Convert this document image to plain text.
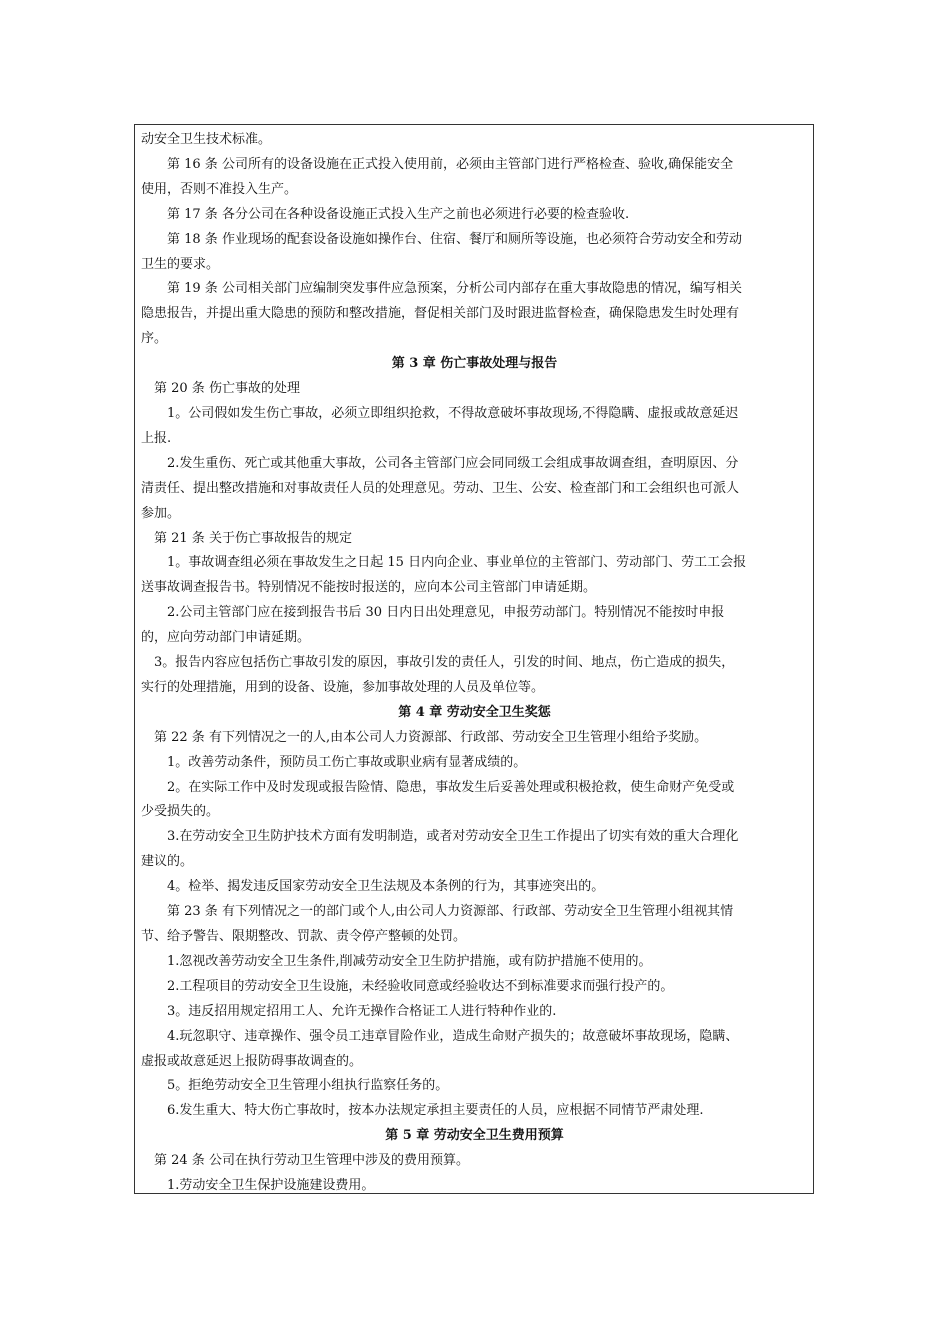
动安全卫生技术标准。
第 16 条 公司所有的设备设施在正式投入使用前，必须由主管部门进行严格检查、验收,确保能安全
使用，否则不准投入生产。
第 17 条 各分公司在各种设备设施正式投入生产之前也必须进行必要的检查验收.
第 18 条 作业现场的配套设备设施如操作台、住宿、餐厅和厕所等设施，也必须符合劳动安全和劳动
卫生的要求。
第 19 条 公司相关部门应编制突发事件应急预案，分析公司内部存在重大事故隐患的情况，编写相关
隐患报告，并提出重大隐患的预防和整改措施，督促相关部门及时跟进监督检查，确保隐患发生时处理有
序。
第 3 章 伤亡事故处理与报告
第 20 条 伤亡事故的处理
1。公司假如发生伤亡事故，必须立即组织抢救，不得故意破坏事故现场,不得隐瞒、虚报或故意延迟
上报.
2.发生重伤、死亡或其他重大事故，公司各主管部门应会同同级工会组成事故调查组，查明原因、分
清责任、提出整改措施和对事故责任人员的处理意见。劳动、卫生、公安、检查部门和工会组织也可派人
参加。
第 21 条 关于伤亡事故报告的规定
1。事故调查组必须在事故发生之日起 15 日内向企业、事业单位的主管部门、劳动部门、劳工工会报
送事故调查报告书。特别情况不能按时报送的，应向本公司主管部门申请延期。
2.公司主管部门应在接到报告书后 30 日内日出处理意见，申报劳动部门。特别情况不能按时申报
的，应向劳动部门申请延期。
3。报告内容应包括伤亡事故引发的原因，事故引发的责任人，引发的时间、地点，伤亡造成的损失，
实行的处理措施，用到的设备、设施，参加事故处理的人员及单位等。
第 4 章 劳动安全卫生奖惩
第 22 条 有下列情况之一的人,由本公司人力资源部、行政部、劳动安全卫生管理小组给予奖励。
1。改善劳动条件，预防员工伤亡事故或职业病有显著成绩的。
2。在实际工作中及时发现或报告险情、隐患，事故发生后妥善处理或积极抢救，使生命财产免受或
少受损失的。
3.在劳动安全卫生防护技术方面有发明制造，或者对劳动安全卫生工作提出了切实有效的重大合理化
建议的。
4。检举、揭发违反国家劳动安全卫生法规及本条例的行为，其事迹突出的。
第 23 条 有下列情况之一的部门或个人,由公司人力资源部、行政部、劳动安全卫生管理小组视其情
节、给予警告、限期整改、罚款、责令停产整顿的处罚。
1.忽视改善劳动安全卫生条件,削减劳动安全卫生防护措施，或有防护措施不使用的。
2.工程项目的劳动安全卫生设施，未经验收同意或经验收达不到标准要求而强行投产的。
3。违反招用规定招用工人、允许无操作合格证工人进行特种作业的.
4.玩忽职守、违章操作、强令员工违章冒险作业，造成生命财产损失的；故意破坏事故现场，隐瞒、
虚报或故意延迟上报防碍事故调查的。
5。拒绝劳动安全卫生管理小组执行监察任务的。
6.发生重大、特大伤亡事故时，按本办法规定承担主要责任的人员，应根据不同情节严肃处理.
第 5 章 劳动安全卫生费用预算
第 24 条 公司在执行劳动卫生管理中涉及的费用预算。
1.劳动安全卫生保护设施建设费用。
